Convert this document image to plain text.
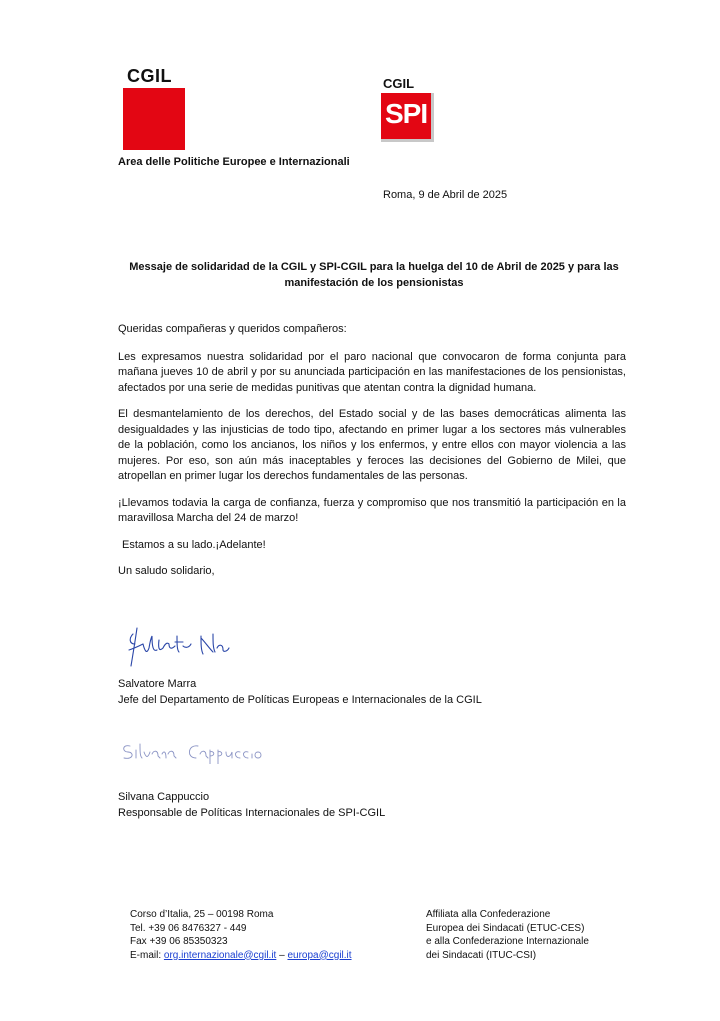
CGIL	CGIL
SPI
Area delle Politiche Europee e Internazionali
Roma, 9 de Abril de 2025
Messaje de solidaridad de la CGIL y SPI-CGIL para la huelga del 10 de Abril de 2025 y para las manifestación de los pensionistas

Queridas compañeras y queridos compañeros:

Les expresamos nuestra solidaridad por el paro nacional que convocaron de forma conjunta para mañana jueves 10 de abril y por su anunciada participación en las manifestaciones de los pensionistas, afectados por una serie de medidas punitivas que atentan contra la dignidad humana.

El desmantelamiento de los derechos, del Estado social y de las bases democráticas alimenta las desigualdades y las injusticias de todo tipo, afectando en primer lugar a los sectores más vulnerables de la población, como los ancianos, los niños y los enfermos, y entre ellos con mayor violencia a las mujeres. Por eso, son aún más inaceptables y feroces las decisiones del Gobierno de Milei, que atropellan en primer lugar los derechos fundamentales de las personas.

¡Llevamos todavia la carga de confianza, fuerza y compromiso que nos transmitió la participación en la maravillosa Marcha del 24 de marzo!

Estamos a su lado.¡Adelante!

Un saludo solidario,

Salvatore Marra
Jefe del Departamento de Políticas Europeas e Internacionales de la CGIL
Silvana Cappuccio
Responsable de Políticas Internacionales de SPI-CGIL
Corso d’Italia, 25 – 00198 Roma
Tel. +39 06 8476327 - 449
Fax +39 06 85350323
E-mail: org.internazionale@cgil.it – europa@cgil.it
Affiliata alla Confederazione
Europea dei Sindacati (ETUC-CES)
e alla Confederazione Internazionale
dei Sindacati (ITUC-CSI)
